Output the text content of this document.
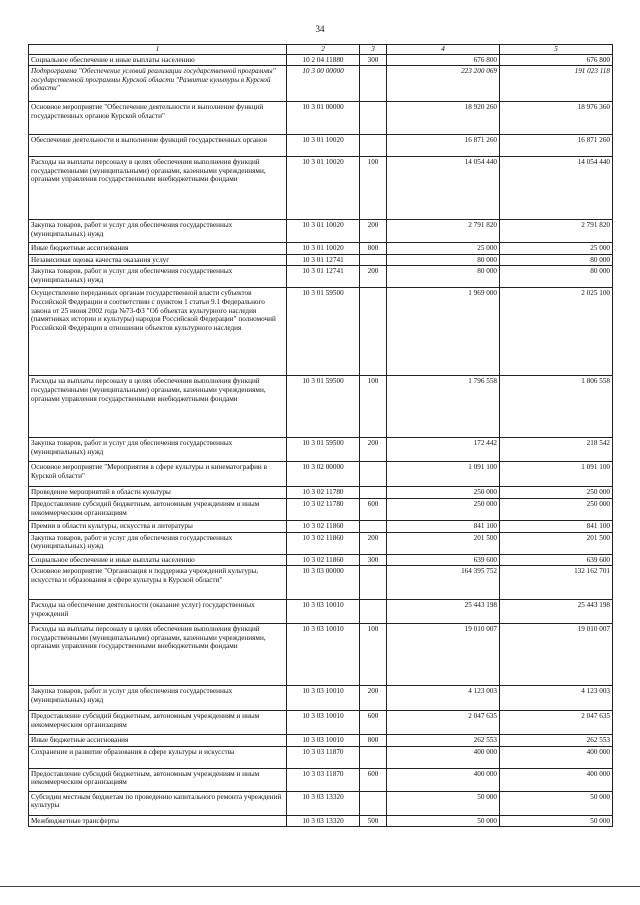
34
1	2	3	4	5
Социальное обеспечение и иные выплаты населению	10 2 04 11880	300	676 800	676 800
Подпрограмма "Обеспечение условий реализации государственной программы" государственной программы Курской области "Развитие культуры в Курской области"	10 3 00 00000		223 200 069	191 023 118
Основное мероприятие "Обеспечение деятельности и выполнение функций государственных органов Курской области"	10 3 01 00000		18 920 260	18 976 360
Обеспечение деятельности и выполнение функций государственных органов	10 3 01 10020		16 871 260	16 871 260
Расходы на выплаты персоналу в целях обеспечения выполнения функций государственными (муниципальными) органами, казенными учреждениями, органами управления государственными внебюджетными фондами	10 3 01 10020	100	14 054 440	14 054 440
Закупка товаров, работ и услуг для обеспечения государственных (муниципальных) нужд	10 3 01 10020	200	2 791 820	2 791 820
Иные бюджетные ассигнования	10 3 01 10020	800	25 000	25 000
Независимая оценка качества оказания услуг	10 3 01 12741		80 000	80 000
Закупка товаров, работ и услуг для обеспечения государственных (муниципальных) нужд	10 3 01 12741	200	80 000	80 000
Осуществление переданных органам государственной власти субъектов Российской Федерации в соответствии с пунктом 1 статьи 9.1 Федерального закона от 25 июня 2002 года №73-ФЗ "Об объектах культурного наследия (памятниках истории и культуры) народов Российской Федерации" полномочий Российской Федерации в отношении объектов культурного наследия	10 3 01 59500		1 969 000	2 025 100
Расходы на выплаты персоналу в целях обеспечения выполнения функций государственными (муниципальными) органами, казенными учреждениями, органами управления государственными внебюджетными фондами	10 3 01 59500	100	1 796 558	1 806 558
Закупка товаров, работ и услуг для обеспечения государственных (муниципальных) нужд	10 3 01 59500	200	172 442	218 542
Основное мероприятие "Мероприятия в сфере культуры и кинематографии в Курской области"	10 3 02 00000		1 091 100	1 091 100
Проведение мероприятий в области культуры	10 3 02 11780		250 000	250 000
Предоставление субсидий бюджетным, автономным учреждениям и иным некоммерческим организациям	10 3 02 11780	600	250 000	250 000
Премии в области культуры, искусства и литературы	10 3 02 11860		841 100	841 100
Закупка товаров, работ и услуг для обеспечения государственных (муниципальных) нужд	10 3 02 11860	200	201 500	201 500
Социальное обеспечение и иные выплаты населению	10 3 02 11860	300	639 600	639 600
Основное мероприятие "Организация и поддержка учреждений культуры, искусства и образования в сфере культуры в Курской области"	10 3 03 00000		164 395 752	132 162 701
Расходы на обеспечение деятельности (оказание услуг) государственных учреждений	10 3 03 10010		25 443 198	25 443 198
Расходы на выплаты персоналу в целях обеспечения выполнения функций государственными (муниципальными) органами, казенными учреждениями, органами управления государственными внебюджетными фондами	10 3 03 10010	100	19 010 007	19 010 007
Закупка товаров, работ и услуг для обеспечения государственных (муниципальных) нужд	10 3 03 10010	200	4 123 003	4 123 003
Предоставление субсидий бюджетным, автономным учреждениям и иным некоммерческим организациям	10 3 03 10010	600	2 047 635	2 047 635
Иные бюджетные ассигнования	10 3 03 10010	800	262 553	262 553
Сохранение и развитие образования в сфере культуры и искусства	10 3 03 11870		400 000	400 000
Предоставление субсидий бюджетным, автономным учреждениям и иным некоммерческим организациям	10 3 03 11870	600	400 000	400 000
Субсидии местным бюджетам по проведению капитального ремонта учреждений культуры	10 3 03 13320		50 000	50 000
Межбюджетные трансферты	10 3 03 13320	500	50 000	50 000
